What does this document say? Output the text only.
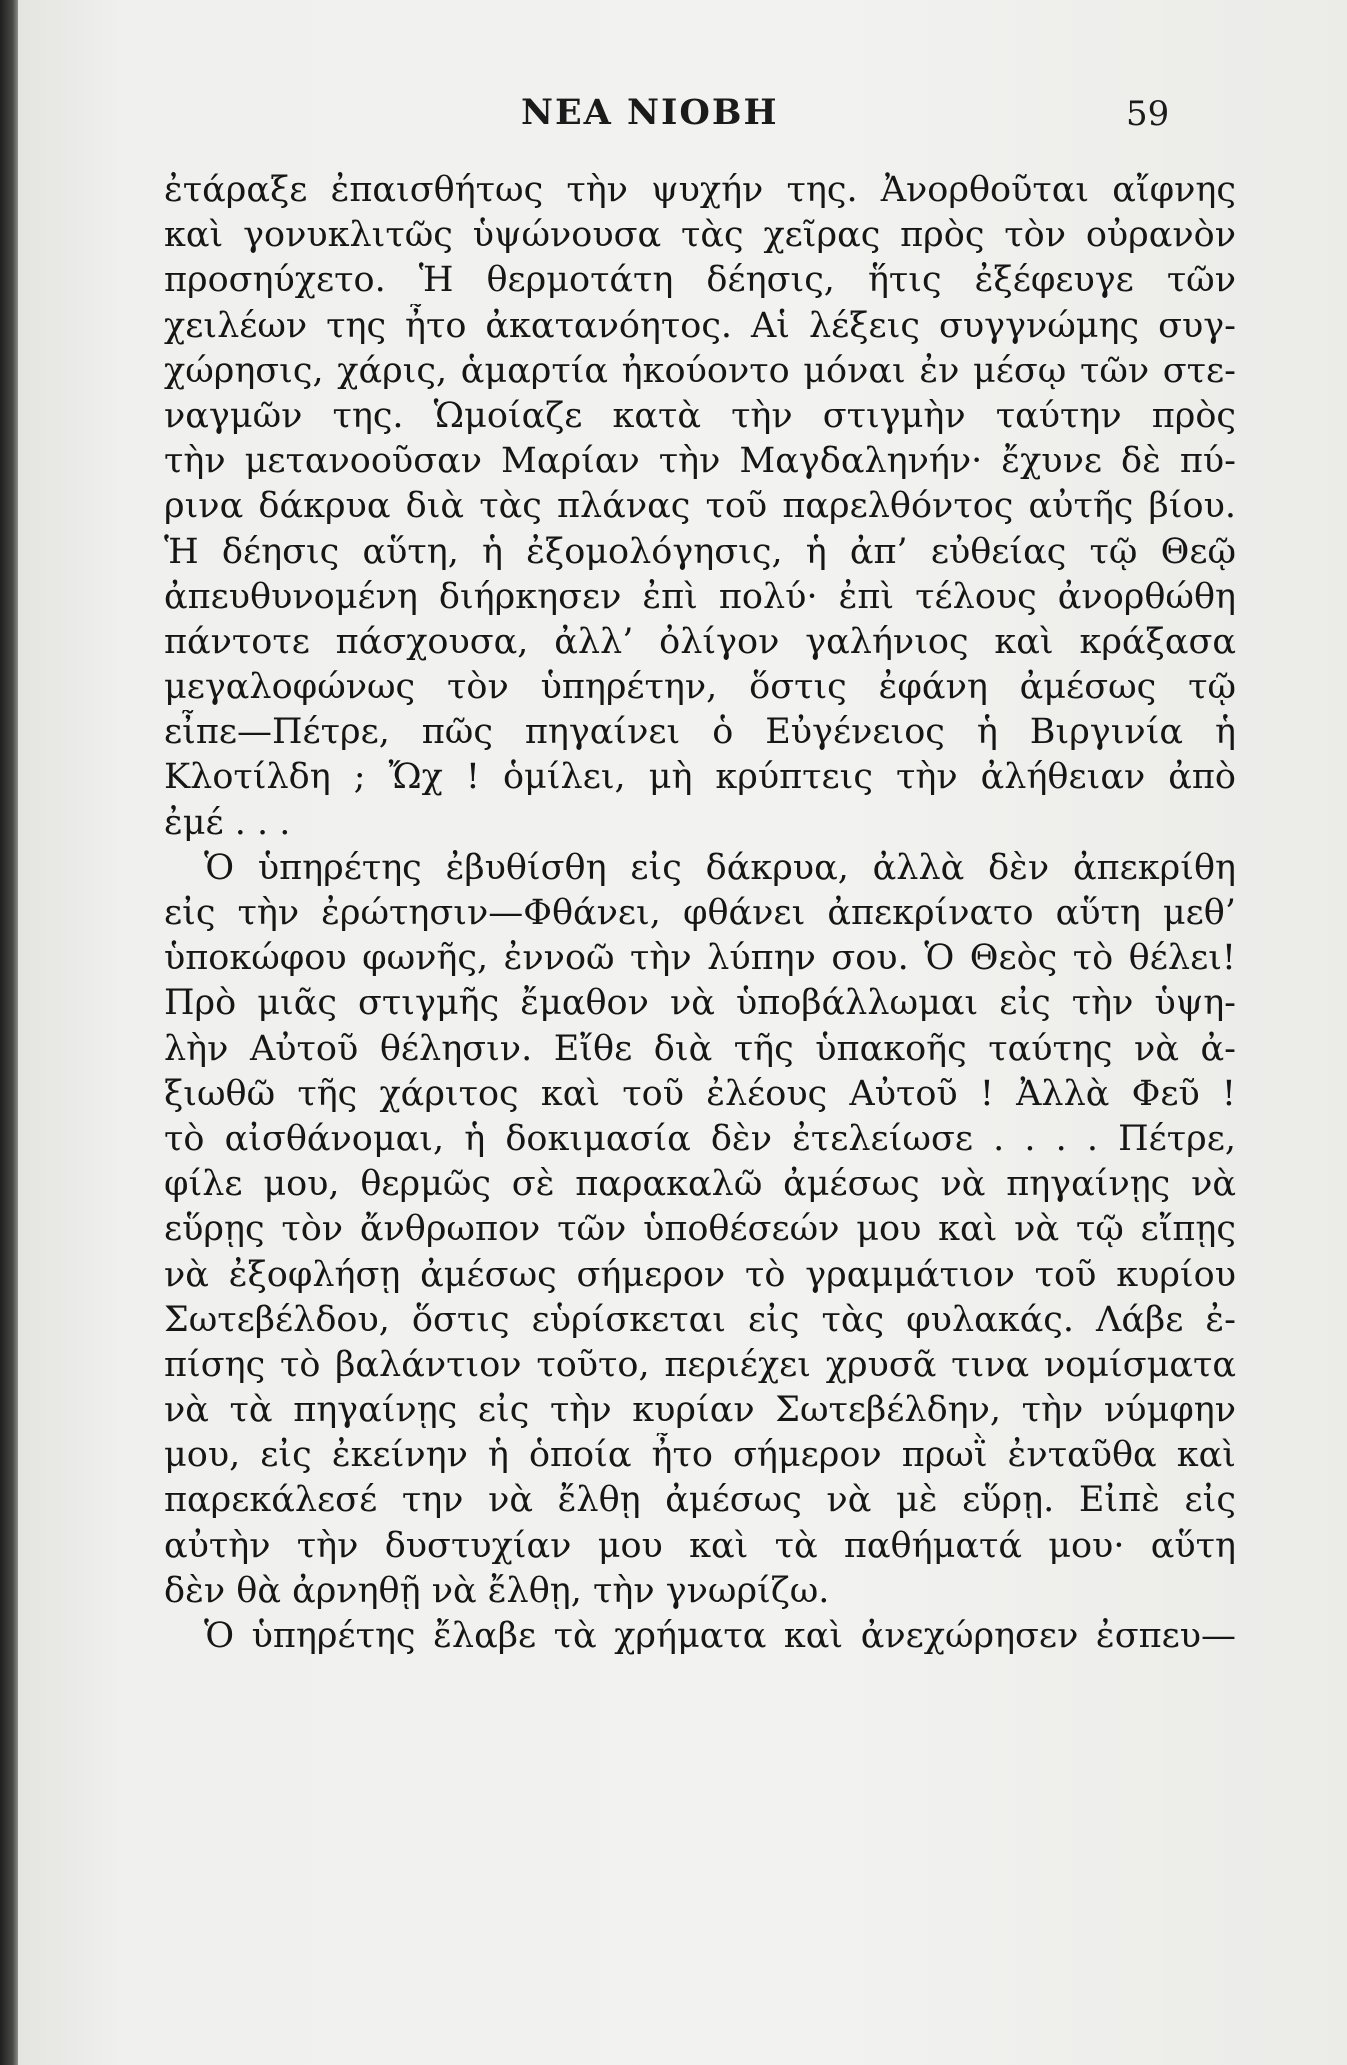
ΝΕΑ ΝΙΟΒΗ	59
ἐτάραξε ἐπαισθήτως τὴν ψυχήν της. Ἀνορθοῦται αἴφνης
καὶ γονυκλιτῶς ὑψώνουσα τὰς χεῖρας πρὸς τὸν οὐρανὸν
προσηύχετο. Ἡ θερμοτάτη δέησις, ἥτις ἐξέφευγε τῶν
χειλέων της ἦτο ἀκατανόητος. Αἱ λέξεις συγγνώμης συγ-
χώρησις, χάρις, ἁμαρτία ἠκούοντο μόναι ἐν μέσῳ τῶν στε-
ναγμῶν της. Ὡμοίαζε κατὰ τὴν στιγμὴν ταύτην πρὸς
τὴν μετανοοῦσαν Μαρίαν τὴν Μαγδαληνήν· ἔχυνε δὲ πύ-
ρινα δάκρυα διὰ τὰς πλάνας τοῦ παρελθόντος αὐτῆς βίου.
Ἡ δέησις αὕτη, ἡ ἐξομολόγησις, ἡ ἀπ’ εὐθείας τῷ Θεῷ
ἀπευθυνομένη διήρκησεν ἐπὶ πολύ· ἐπὶ τέλους ἀνορθώθη
πάντοτε πάσχουσα, ἀλλ’ ὀλίγον γαλήνιος καὶ κράξασα
μεγαλοφώνως τὸν ὑπηρέτην, ὅστις ἐφάνη ἀμέσως τῷ
εἶπε—Πέτρε, πῶς πηγαίνει ὁ Εὐγένειος ἡ Βιργινία ἡ
Κλοτίλδη ; Ὤχ ! ὁμίλει, μὴ κρύπτεις τὴν ἀλήθειαν ἀπὸ
ἐμέ . . .
Ὁ ὑπηρέτης ἐβυθίσθη εἰς δάκρυα, ἀλλὰ δὲν ἀπεκρίθη
εἰς τὴν ἐρώτησιν—Φθάνει, φθάνει ἀπεκρίνατο αὕτη μεθ’
ὑποκώφου φωνῆς, ἐννοῶ τὴν λύπην σου. Ὁ Θεὸς τὸ θέλει!
Πρὸ μιᾶς στιγμῆς ἔμαθον νὰ ὑποβάλλωμαι εἰς τὴν ὑψη-
λὴν Αὐτοῦ θέλησιν. Εἴθε διὰ τῆς ὑπακοῆς ταύτης νὰ ἀ-
ξιωθῶ τῆς χάριτος καὶ τοῦ ἐλέους Αὐτοῦ ! Ἀλλὰ Φεῦ !
τὸ αἰσθάνομαι, ἡ δοκιμασία δὲν ἐτελείωσε . . . . Πέτρε,
φίλε μου, θερμῶς σὲ παρακαλῶ ἀμέσως νὰ πηγαίνῃς νὰ
εὕρῃς τὸν ἄνθρωπον τῶν ὑποθέσεών μου καὶ νὰ τῷ εἴπῃς
νὰ ἐξοφλήσῃ ἀμέσως σήμερον τὸ γραμμάτιον τοῦ κυρίου
Σωτεβέλδου, ὅστις εὑρίσκεται εἰς τὰς φυλακάς. Λάβε ἐ-
πίσης τὸ βαλάντιον τοῦτο, περιέχει χρυσᾶ τινα νομίσματα
νὰ τὰ πηγαίνῃς εἰς τὴν κυρίαν Σωτεβέλδην, τὴν νύμφην
μου, εἰς ἐκείνην ἡ ὁποία ἦτο σήμερον πρωῒ ἐνταῦθα καὶ
παρεκάλεσέ την νὰ ἔλθῃ ἀμέσως νὰ μὲ εὕρῃ. Εἰπὲ εἰς
αὐτὴν τὴν δυστυχίαν μου καὶ τὰ παθήματά μου· αὕτη
δὲν θὰ ἀρνηθῇ νὰ ἔλθῃ, τὴν γνωρίζω.
Ὁ ὑπηρέτης ἔλαβε τὰ χρήματα καὶ ἀνεχώρησεν ἐσπευ—
